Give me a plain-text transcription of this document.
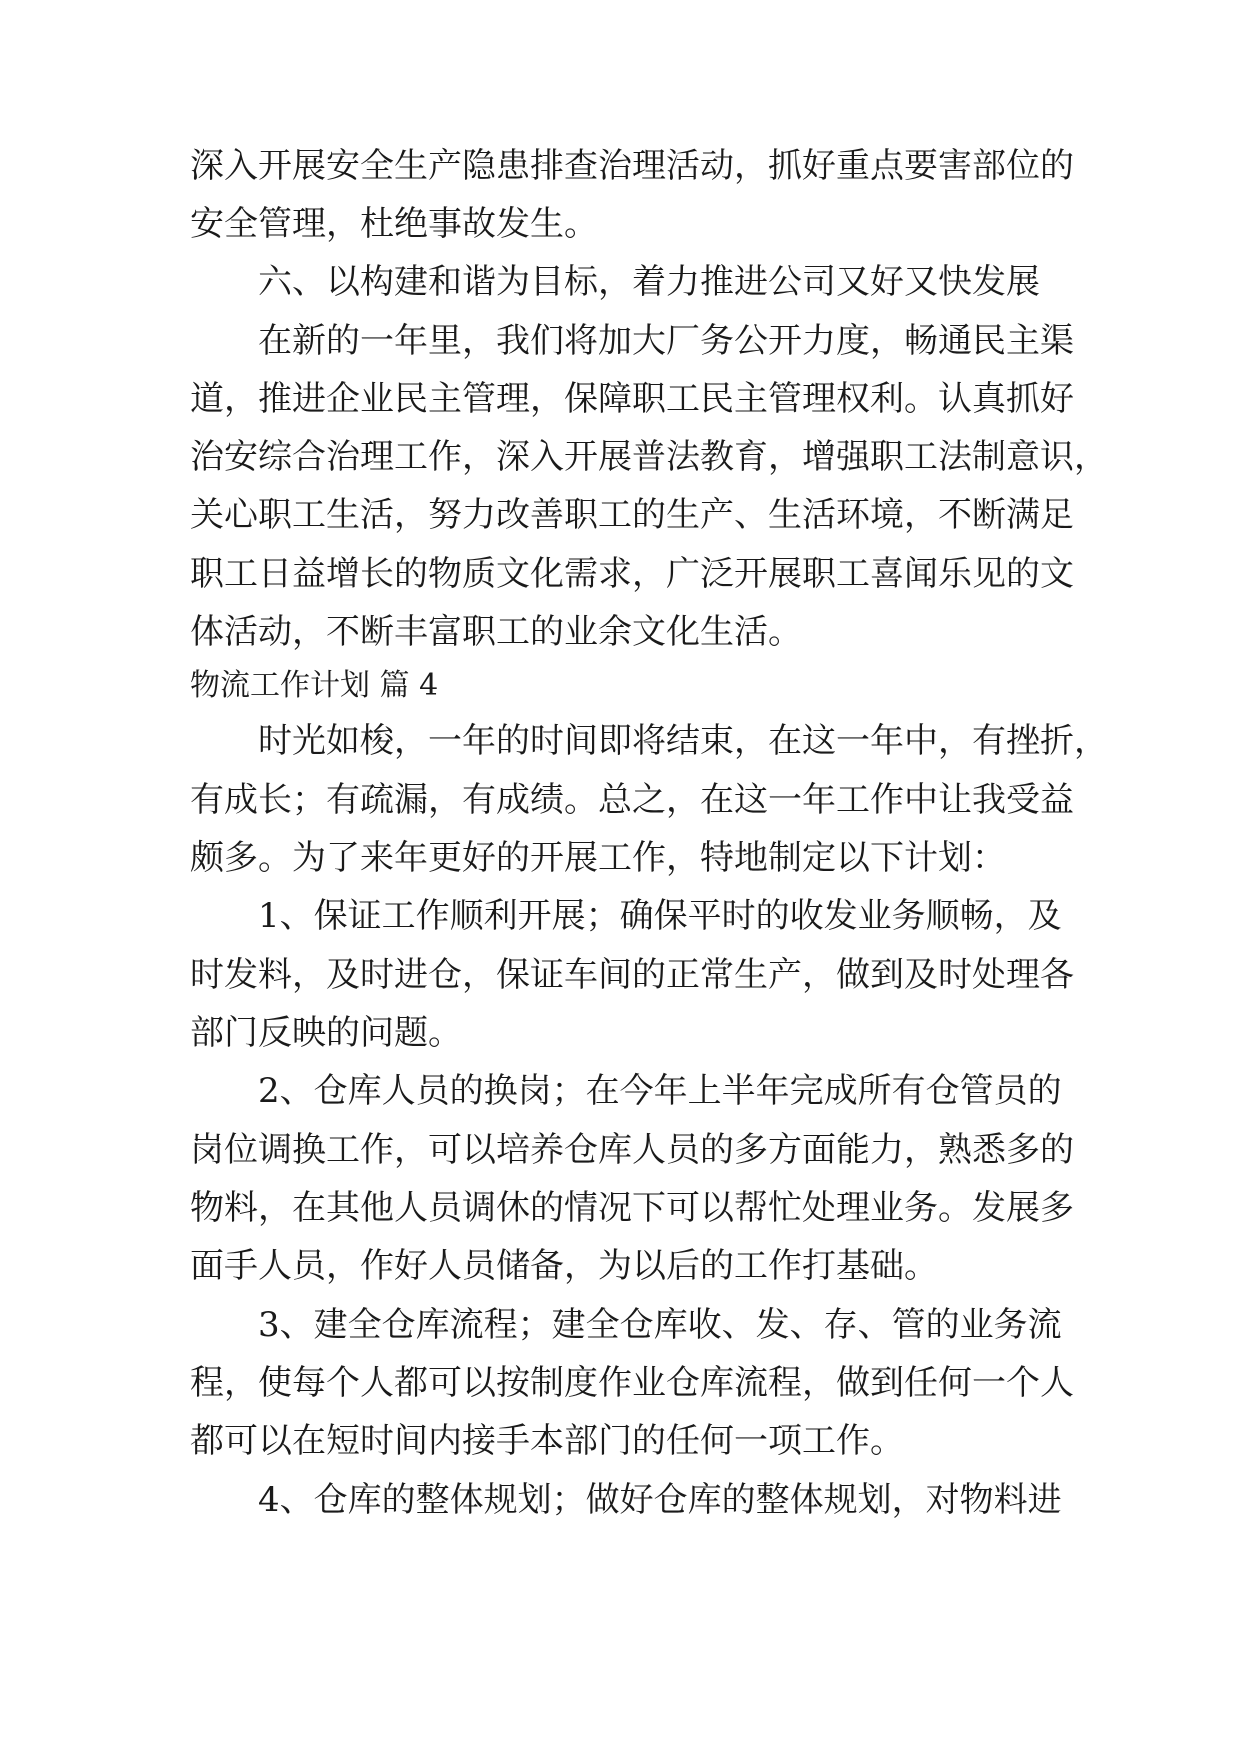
深入开展安全生产隐患排查治理活动，抓好重点要害部位的
安全管理，杜绝事故发生。
六、以构建和谐为目标，着力推进公司又好又快发展
在新的一年里，我们将加大厂务公开力度，畅通民主渠
道，推进企业民主管理，保障职工民主管理权利。认真抓好
治安综合治理工作，深入开展普法教育，增强职工法制意识，
关心职工生活，努力改善职工的生产、生活环境，不断满足
职工日益增长的物质文化需求，广泛开展职工喜闻乐见的文
体活动，不断丰富职工的业余文化生活。
物流工作计划 篇 4
时光如梭，一年的时间即将结束，在这一年中，有挫折，
有成长；有疏漏，有成绩。总之，在这一年工作中让我受益
颇多。为了来年更好的开展工作，特地制定以下计划：
1、保证工作顺利开展；确保平时的收发业务顺畅，及
时发料，及时进仓，保证车间的正常生产，做到及时处理各
部门反映的问题。
2、仓库人员的换岗；在今年上半年完成所有仓管员的
岗位调换工作，可以培养仓库人员的多方面能力，熟悉多的
物料，在其他人员调休的情况下可以帮忙处理业务。发展多
面手人员，作好人员储备，为以后的工作打基础。
3、建全仓库流程；建全仓库收、发、存、管的业务流
程，使每个人都可以按制度作业仓库流程，做到任何一个人
都可以在短时间内接手本部门的任何一项工作。
4、仓库的整体规划；做好仓库的整体规划，对物料进
